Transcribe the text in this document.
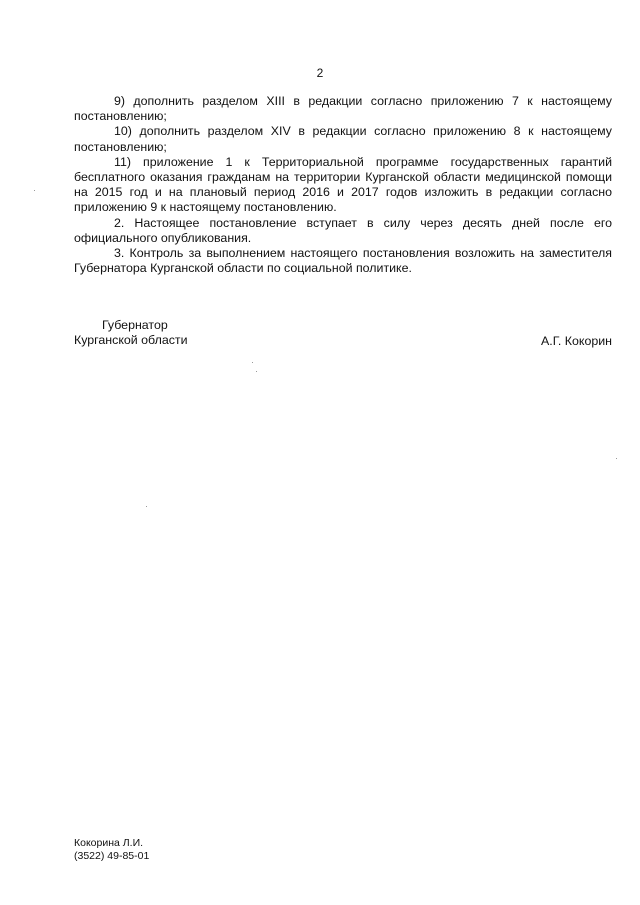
2

9) дополнить разделом XIII в редакции согласно приложению 7 к настоящему постановлению;

10) дополнить разделом XIV в редакции согласно приложению 8 к настоящему постановлению;

11) приложение 1 к Территориальной программе государственных гарантий бесплатного оказания гражданам на территории Курганской области медицинской помощи на 2015 год и на плановый период 2016 и 2017 годов изложить в редакции согласно приложению 9 к настоящему постановлению.

2. Настоящее постановление вступает в силу через десять дней после его официального опубликования.

3. Контроль за выполнением настоящего постановления возложить на заместителя Губернатора Курганской области по социальной политике.

Губернатор
Курганской области	А.Г. Кокорин
Кокорина Л.И.
(3522) 49-85-01
